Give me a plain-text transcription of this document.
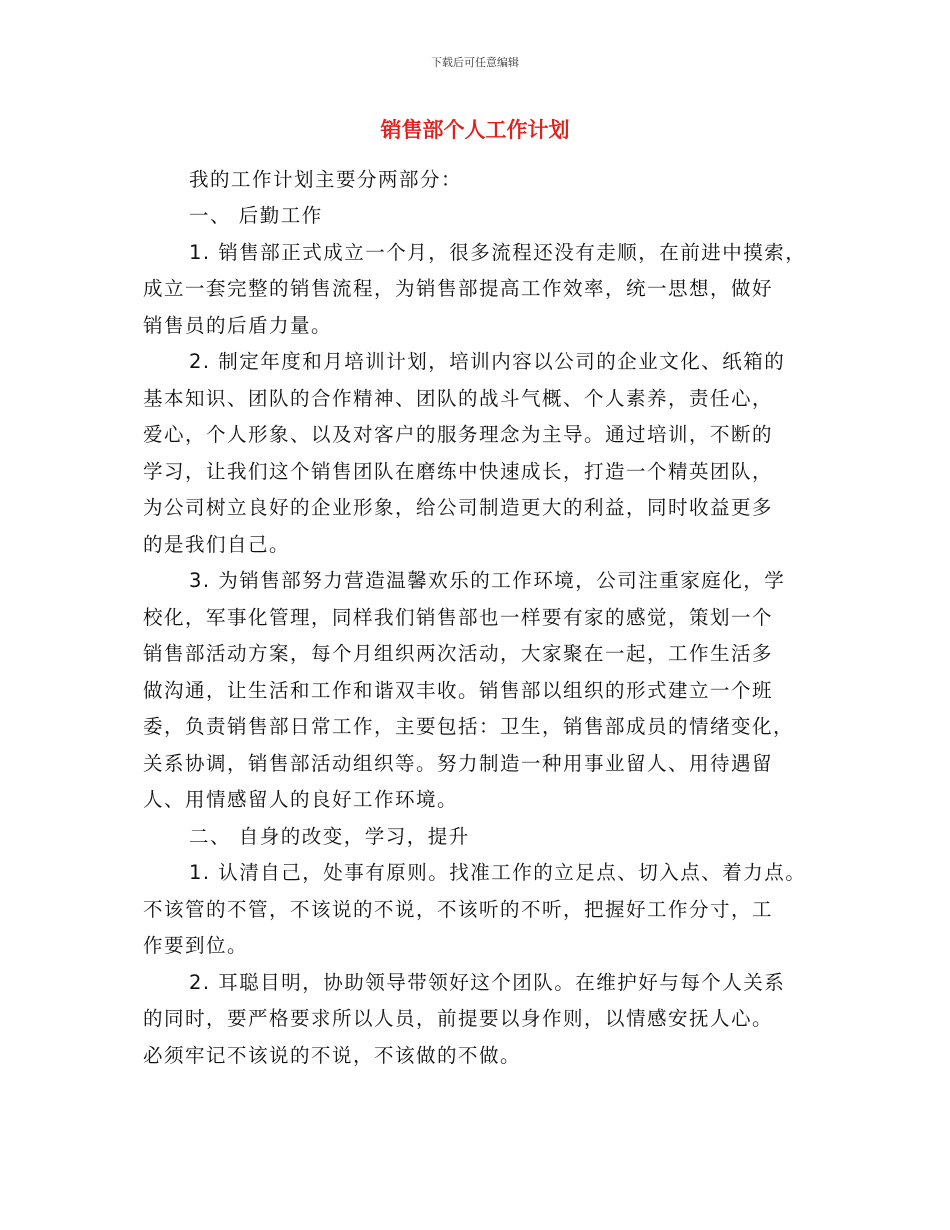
下载后可任意编辑
销售部个人工作计划
我的工作计划主要分两部分：
一、 后勤工作
1. 销售部正式成立一个月，很多流程还没有走顺，在前进中摸索，
成立一套完整的销售流程，为销售部提高工作效率，统一思想，做好
销售员的后盾力量。
2. 制定年度和月培训计划，培训内容以公司的企业文化、纸箱的
基本知识、团队的合作精神、团队的战斗气概、个人素养，责任心，
爱心，个人形象、以及对客户的服务理念为主导。通过培训，不断的
学习，让我们这个销售团队在磨练中快速成长，打造一个精英团队，
为公司树立良好的企业形象，给公司制造更大的利益，同时收益更多
的是我们自己。
3. 为销售部努力营造温馨欢乐的工作环境，公司注重家庭化，学
校化，军事化管理，同样我们销售部也一样要有家的感觉，策划一个
销售部活动方案，每个月组织两次活动，大家聚在一起，工作生活多
做沟通，让生活和工作和谐双丰收。销售部以组织的形式建立一个班
委，负责销售部日常工作，主要包括：卫生，销售部成员的情绪变化，
关系协调，销售部活动组织等。努力制造一种用事业留人、用待遇留
人、用情感留人的良好工作环境。
二、 自身的改变，学习，提升
1. 认清自己，处事有原则。找准工作的立足点、切入点、着力点。
不该管的不管，不该说的不说，不该听的不听，把握好工作分寸，工
作要到位。
2. 耳聪目明，协助领导带领好这个团队。在维护好与每个人关系
的同时，要严格要求所以人员，前提要以身作则，以情感安抚人心。
必须牢记不该说的不说，不该做的不做。
